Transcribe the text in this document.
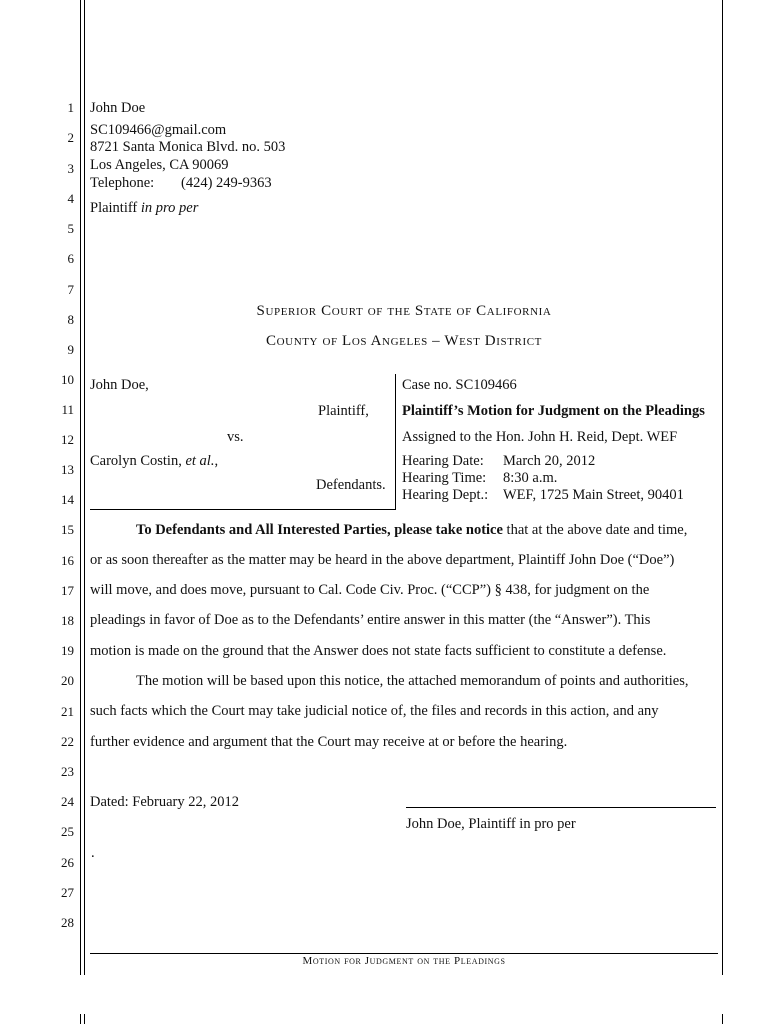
1
2
3
4
5
6
7
8
9
10
11
12
13
14
15
16
17
18
19
20
21
22
23
24
25
26
27
28
John Doe
SC109466@gmail.com
8721 Santa Monica Blvd. no. 503
Los Angeles, CA 90069
Telephone: (424) 249-9363
Plaintiff in pro per
Superior Court of the State of California
County of Los Angeles – West District
John Doe,
Plaintiff,
vs.
Carolyn Costin, et al.,
Defendants.
Case no. SC109466
Plaintiff’s Motion for Judgment on the Pleadings
Assigned to the Hon. John H. Reid, Dept. WEF
Hearing Date: March 20, 2012
Hearing Time: 8:30 a.m.
Hearing Dept.: WEF, 1725 Main Street, 90401
To Defendants and All Interested Parties, please take notice that at the above date and time,
or as soon thereafter as the matter may be heard in the above department, Plaintiff John Doe (“Doe”)
will move, and does move, pursuant to Cal. Code Civ. Proc. (“CCP”) § 438, for judgment on the
pleadings in favor of Doe as to the Defendants’ entire answer in this matter (the “Answer”). This
motion is made on the ground that the Answer does not state facts sufficient to constitute a defense.
The motion will be based upon this notice, the attached memorandum of points and authorities,
such facts which the Court may take judicial notice of, the files and records in this action, and any
further evidence and argument that the Court may receive at or before the hearing.
Dated: February 22, 2012
John Doe, Plaintiff in pro per
.
Motion for Judgment on the Pleadings
